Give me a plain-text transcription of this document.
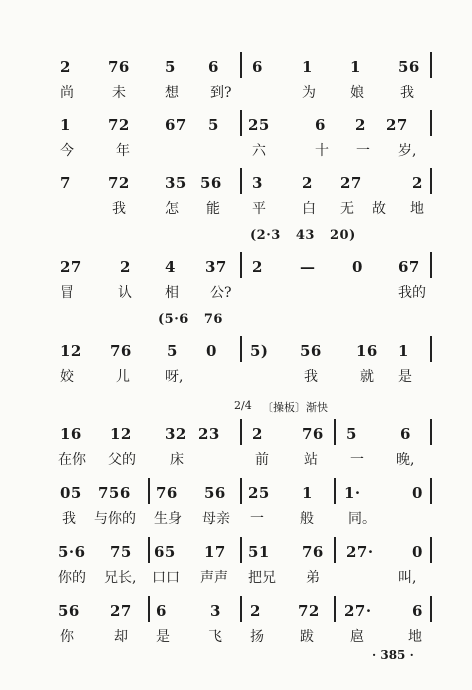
2 76 5 6 6	1 1 56
尚	未	想 到?	为 娘	我
1 72 67 5 25	6 2 27
今	年	六	十 一 岁,
7 72 35 56 3	2 27	2
我	怎 能 平	白 无 故 地
(2·3   43   20)
27	2 4 37 2 — 0 67
冒	认 相 公?	我的
(5·6   76
12 76 5 0 5) 56 16 1
姣	儿	呀,	我	就 是
2/4 〔操板〕渐快
16 12 32 23 2	76 5	6
在你 父的 床	前	站 一 晚,
05 756 76 56 25 1 1·	0
我 与你的 生身 母亲 一	般 同。
5·6 75 65 17 51 76 27·	0
你的 兄长, 口口 声声 把兄 弟	叫,
56 27 6	3 2 72 27·	6
你	却 是	飞 扬	跋	扈	地
· 385 ·
